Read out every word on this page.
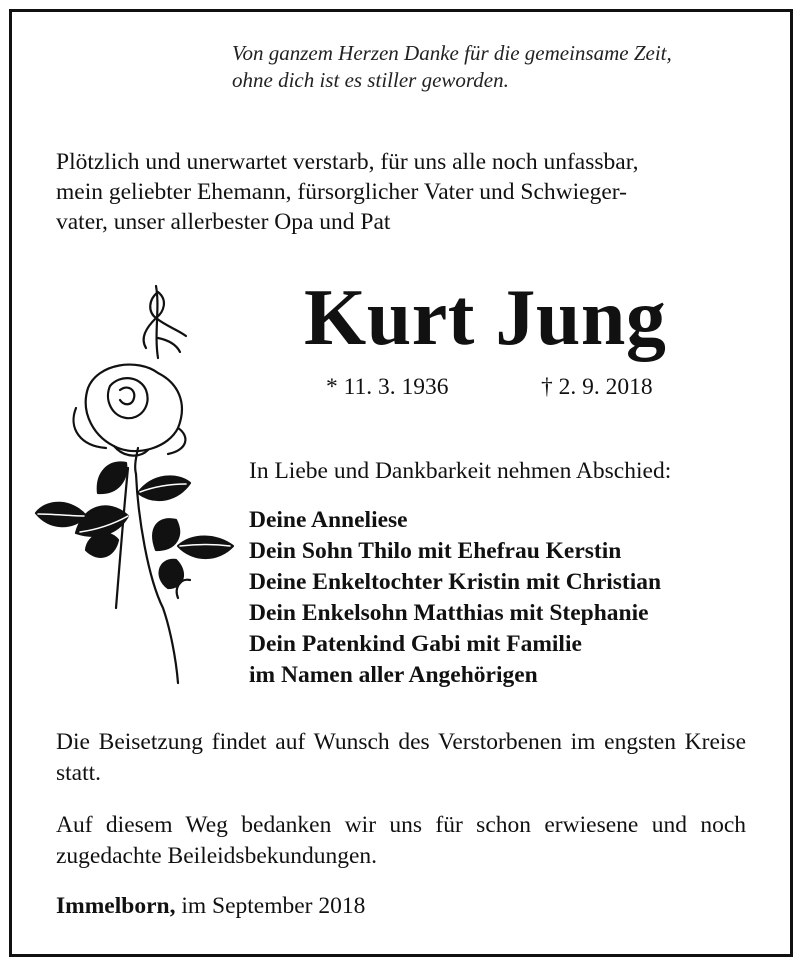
Von ganzem Herzen Danke für die gemeinsame Zeit,
ohne dich ist es stiller geworden.
Plötzlich und unerwartet verstarb, für uns alle noch unfassbar,
mein geliebter Ehemann, fürsorglicher Vater und Schwieger-
vater, unser allerbester Opa und Pat
Kurt Jung
* 11. 3. 1936	† 2. 9. 2018
In Liebe und Dankbarkeit nehmen Abschied:
Deine Anneliese
Dein Sohn Thilo mit Ehefrau Kerstin
Deine Enkeltochter Kristin mit Christian
Dein Enkelsohn Matthias mit Stephanie
Dein Patenkind Gabi mit Familie
im Namen aller Angehörigen
Die Beisetzung findet auf Wunsch des Verstorbenen im engsten Kreise statt.
Auf diesem Weg bedanken wir uns für schon erwiesene und noch zugedachte Beileidsbekundungen.
Immelborn, im September 2018
